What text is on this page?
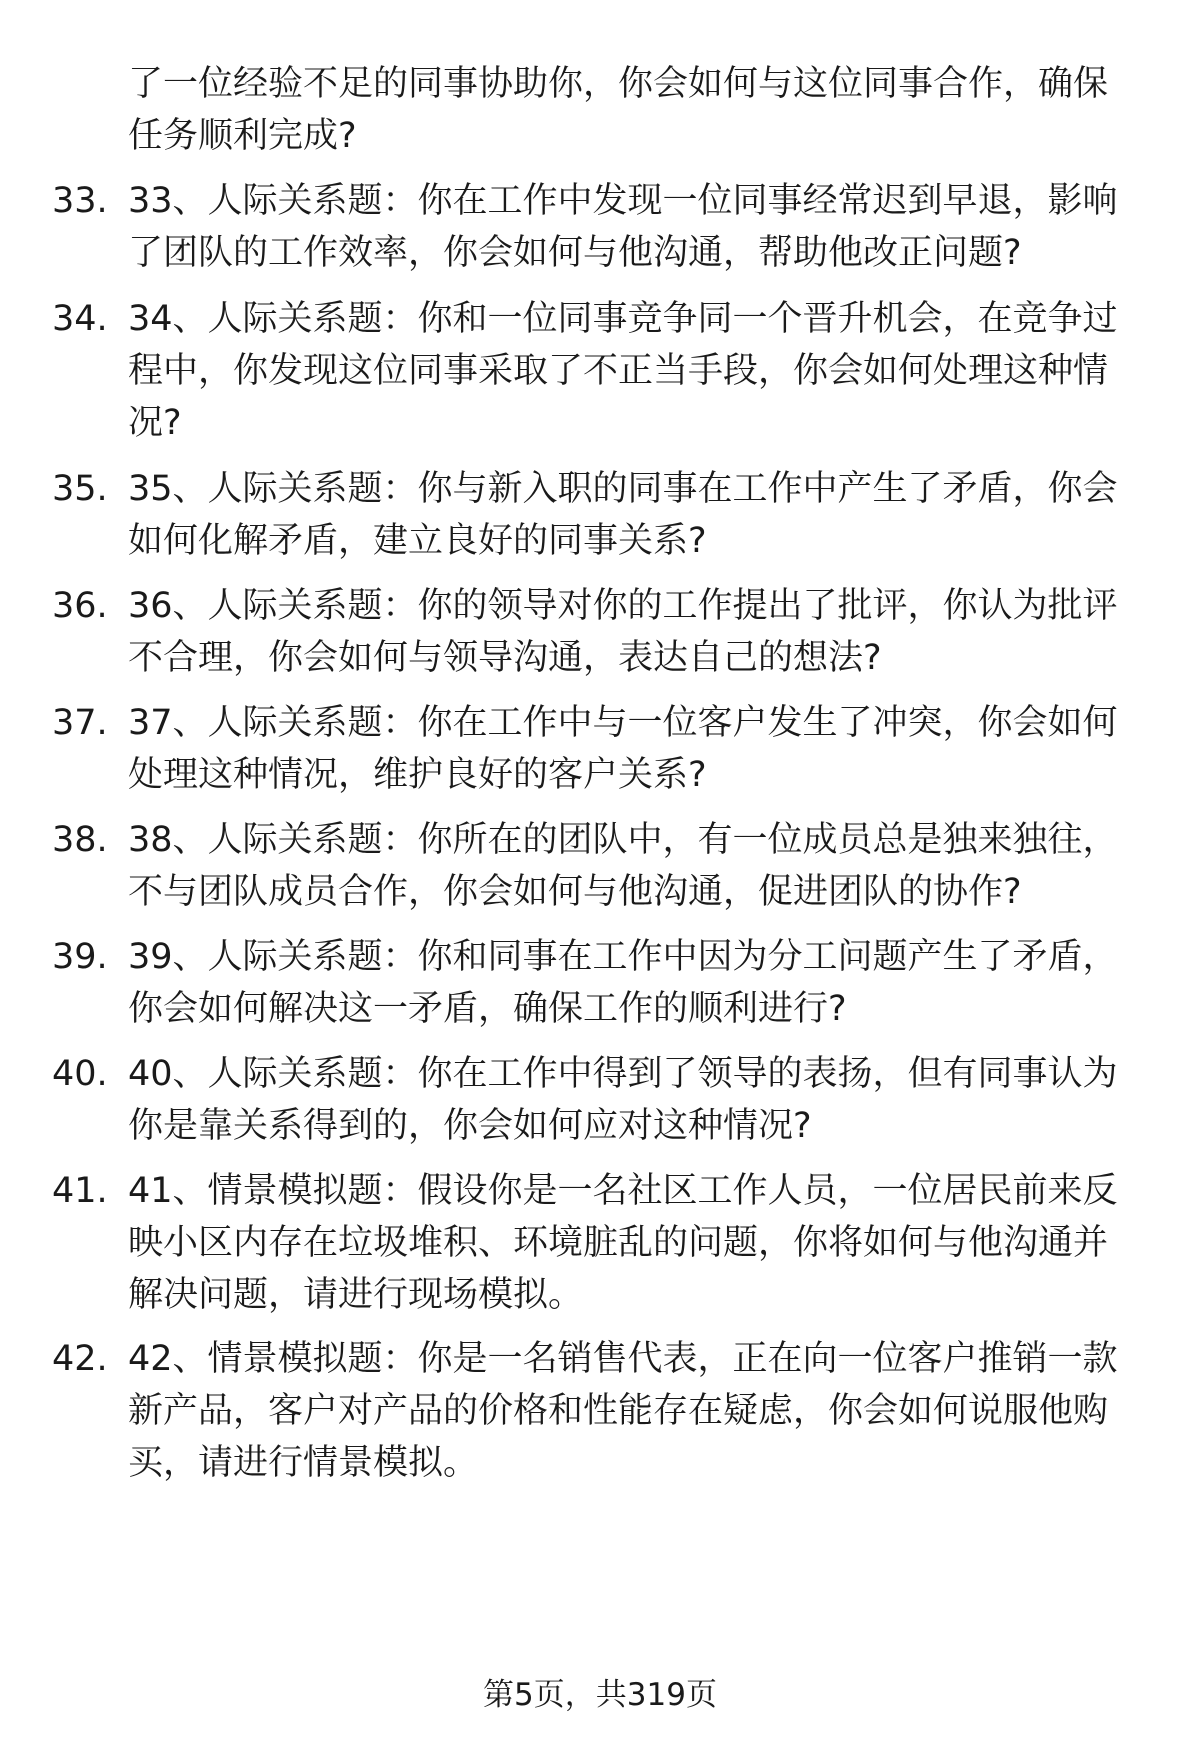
了一位经验不足的同事协助你，你会如何与这位同事合作，确保
任务顺利完成?
33. 33、人际关系题：你在工作中发现一位同事经常迟到早退，影响
了团队的工作效率，你会如何与他沟通，帮助他改正问题?
34. 34、人际关系题：你和一位同事竞争同一个晋升机会，在竞争过
程中，你发现这位同事采取了不正当手段，你会如何处理这种情
况?
35. 35、人际关系题：你与新入职的同事在工作中产生了矛盾，你会
如何化解矛盾，建立良好的同事关系?
36. 36、人际关系题：你的领导对你的工作提出了批评，你认为批评
不合理，你会如何与领导沟通，表达自己的想法?
37. 37、人际关系题：你在工作中与一位客户发生了冲突，你会如何
处理这种情况，维护良好的客户关系?
38. 38、人际关系题：你所在的团队中，有一位成员总是独来独往，
不与团队成员合作，你会如何与他沟通，促进团队的协作?
39. 39、人际关系题：你和同事在工作中因为分工问题产生了矛盾，
你会如何解决这一矛盾，确保工作的顺利进行?
40. 40、人际关系题：你在工作中得到了领导的表扬，但有同事认为
你是靠关系得到的，你会如何应对这种情况?
41. 41、情景模拟题：假设你是一名社区工作人员，一位居民前来反
映小区内存在垃圾堆积、环境脏乱的问题，你将如何与他沟通并
解决问题，请进行现场模拟。
42. 42、情景模拟题：你是一名销售代表，正在向一位客户推销一款
新产品，客户对产品的价格和性能存在疑虑，你会如何说服他购
买，请进行情景模拟。
第5页，共319页
